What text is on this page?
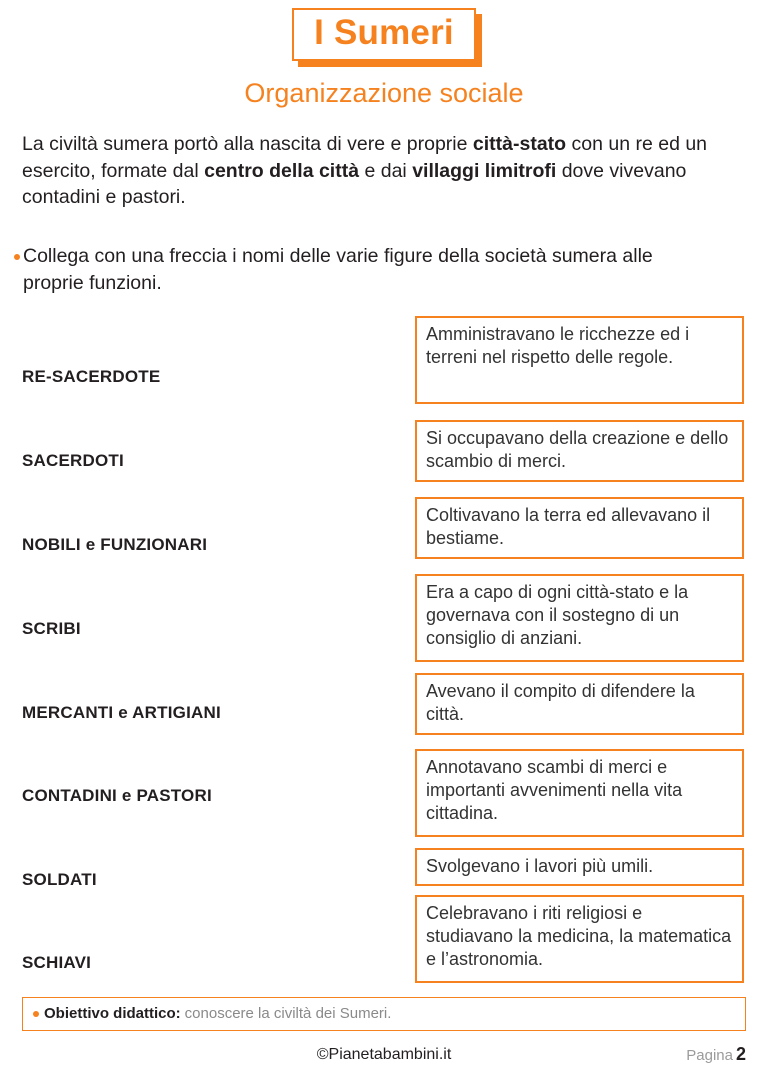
I Sumeri
Organizzazione sociale
La civiltà sumera portò alla nascita di vere e proprie città-stato con un re ed un esercito, formate dal centro della città e dai villaggi limitrofi dove vivevano contadini e pastori.
Collega con una freccia i nomi delle varie figure della società sumera alle proprie funzioni.
RE-SACERDOTE
SACERDOTI
NOBILI e FUNZIONARI
SCRIBI
MERCANTI e ARTIGIANI
CONTADINI e PASTORI
SOLDATI
SCHIAVI
Amministravano le ricchezze ed i terreni nel rispetto delle regole.
Si occupavano della creazione e dello scambio di merci.
Coltivavano la terra ed allevavano il bestiame.
Era a capo di ogni città-stato e la governava con il sostegno di un consiglio di anziani.
Avevano il compito di difendere la città.
Annotavano scambi di merci e importanti avvenimenti nella vita cittadina.
Svolgevano i lavori più umili.
Celebravano i riti religiosi e studiavano la medicina, la matematica e l’astronomia.
Obiettivo didattico: conoscere la civiltà dei Sumeri.
©Pianetabambini.it	Pagina 2
